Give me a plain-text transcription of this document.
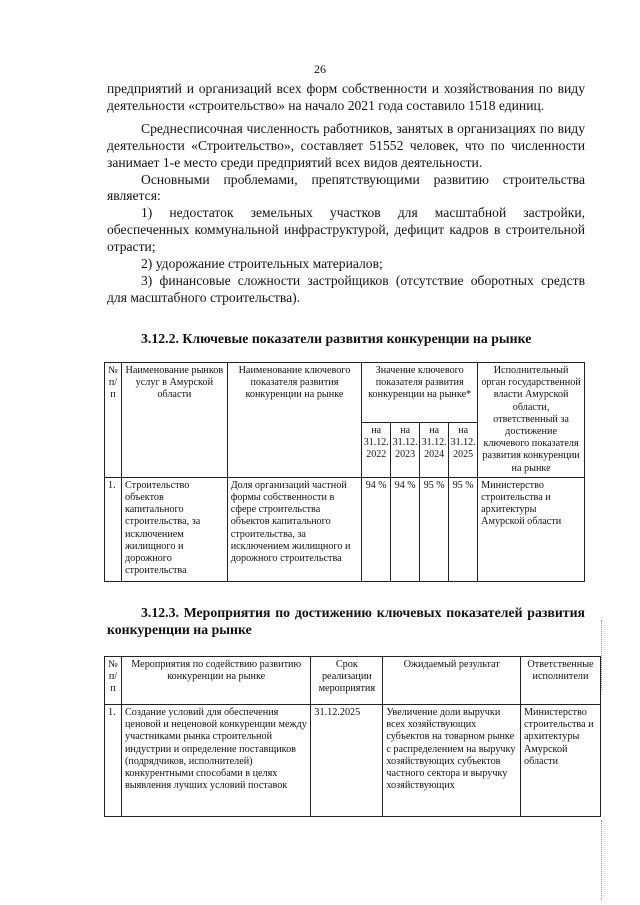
26

предприятий и организаций всех форм собственности и хозяйствования по виду деятельности «строительство» на начало 2021 года составило 1518 единиц.

Среднесписочная численность работников, занятых в организациях по виду деятельности «Строительство», составляет 51552 человек, что по численности занимает 1-е место среди предприятий всех видов деятельности.

Основными проблемами, препятствующими развитию строительства является:

1) недостаток земельных участков для масштабной застройки, обеспеченных коммунальной инфраструктурой, дефицит кадров в строительной отрасти;

2) удорожание строительных материалов;

3) финансовые сложности застройщиков (отсутствие оборотных средств для масштабного строительства).

3.12.2. Ключевые показатели развития конкуренции на рынке
№ п/п	Наименование рынков услуг в Амурской области	Наименование ключевого показателя развития конкуренции на рынке	Значение ключевого показателя развития конкуренции на рынке*				Исполнительный орган государственной власти Амурской области, ответственный за достижение ключевого показателя развития конкуренции на рынке
			на 31.12. 2022	на 31.12. 2023	на 31.12. 2024	на 31.12. 2025	
1.	Строительство объектов капитального строительства, за исключением жилищного и дорожного строительства	Доля организаций частной формы собственности в сфере строительства объектов капитального строительства, за исключением жилищного и дорожного строительства	94 %	94 %	95 %	95 %	Министерство строительства и архитектуры Амурской области
3.12.3. Мероприятия по достижению ключевых показателей развития конкуренции на рынке
№ п/п	Мероприятия по содействию развитию конкуренции на рынке	Срок реализации мероприятия	Ожидаемый результат	Ответственные исполнители
1.	Создание условий для обеспечения ценовой и неценовой конкуренции между участниками рынка строительной индустрии и определение поставщиков (подрядчиков, исполнителей) конкурентными способами в целях выявления лучших условий поставок	31.12.2025	Увеличение доли выручки всех хозяйствующих субъектов на товарном рынке с распределением на выручку хозяйствующих субъектов частного сектора и выручку хозяйствующих	Министерство строительства и архитектуры Амурской области
